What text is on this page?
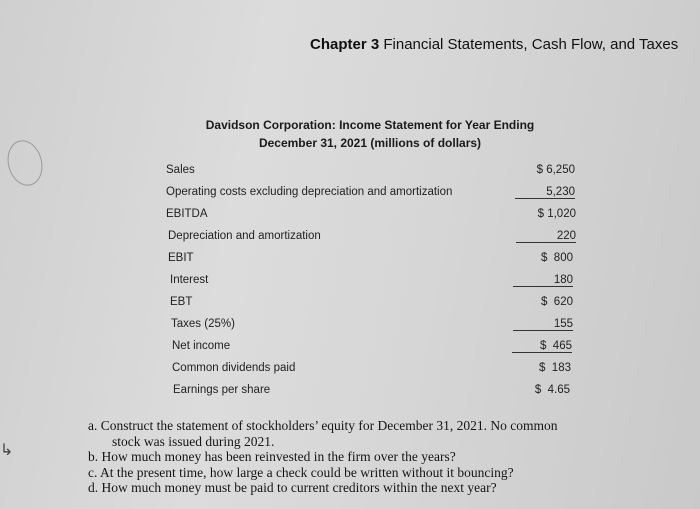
↳
Chapter 3 Financial Statements, Cash Flow, and Taxes
Davidson Corporation: Income Statement for Year Ending
December 31, 2021 (millions of dollars)
Sales	$ 6,250
Operating costs excluding depreciation and amortization	5,230
EBITDA	$ 1,020
Depreciation and amortization	220
EBIT	$  800
Interest	180
EBT	$  620
Taxes (25%)	155
Net income	$  465
Common dividends paid	$  183
Earnings per share	$  4.65
a. Construct the statement of stockholders’ equity for December 31, 2021. No common
stock was issued during 2021.
b. How much money has been reinvested in the firm over the years?
c. At the present time, how large a check could be written without it bouncing?
d. How much money must be paid to current creditors within the next year?
